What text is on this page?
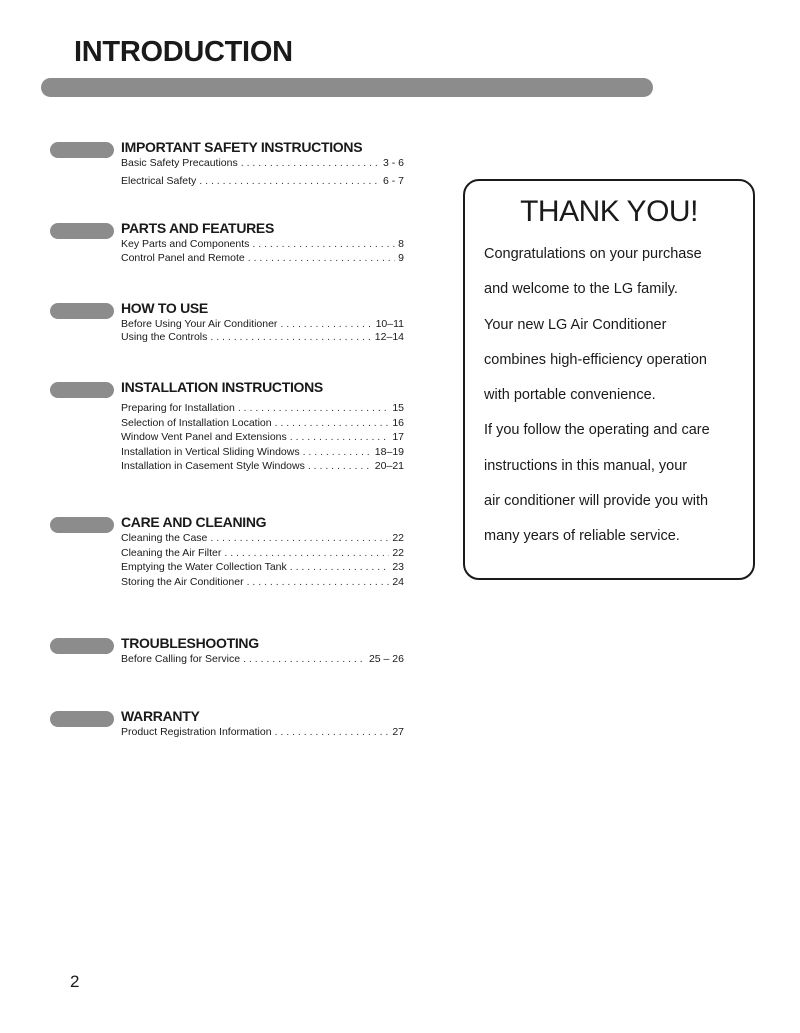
INTRODUCTION
IMPORTANT SAFETY INSTRUCTIONS
Basic Safety Precautions . . .	3 - 6
Electrical Safety . . .	6 - 7
PARTS AND FEATURES
Key Parts and Components . . .	8
Control Panel and Remote . . .	9
HOW TO USE
Before Using Your Air Conditioner . . .	10–11
Using the Controls . . .	12–14
INSTALLATION INSTRUCTIONS
Preparing for Installation . . .	15
Selection of Installation Location . . .	16
Window Vent Panel and Extensions . . .	17
Installation in Vertical Sliding Windows . . .	18–19
Installation in Casement Style Windows . . .	20–21
CARE AND CLEANING
Cleaning the Case . . .	22
Cleaning the Air Filter . . .	22
Emptying the Water Collection Tank . . .	23
Storing the Air Conditioner . . .	24
TROUBLESHOOTING
Before Calling for Service . . .	25 – 26
WARRANTY
Product Registration Information . . .	27
THANK YOU!
Congratulations on your purchase
and welcome to the LG family.
Your new LG Air Conditioner
combines high-efficiency operation
with portable convenience.
If you follow the operating and care
instructions in this manual, your
air conditioner will provide you with
many years of reliable service.
2
